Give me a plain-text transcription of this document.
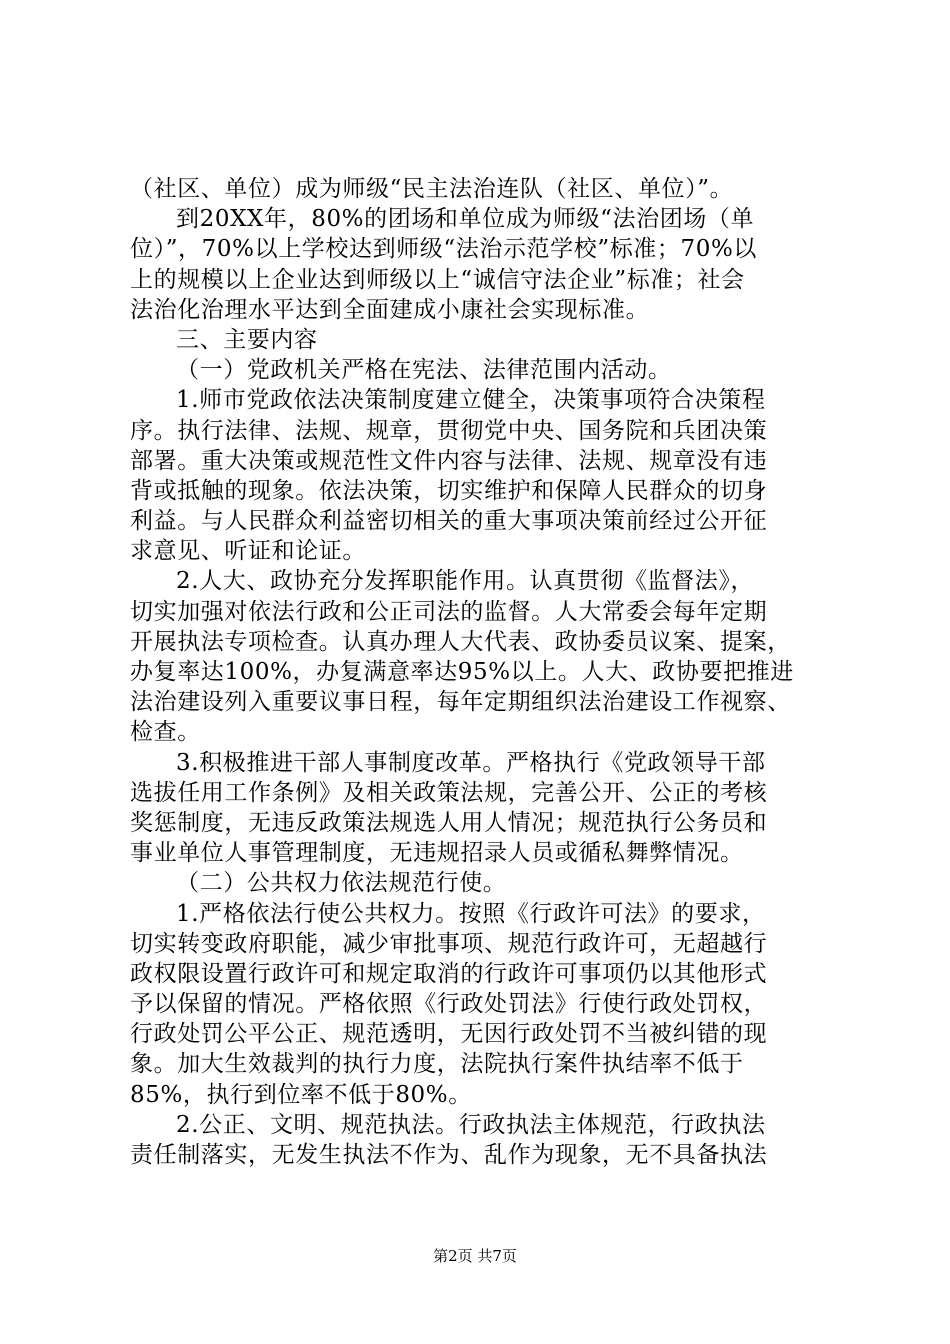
（社区、单位）成为师级“民主法治连队（社区、单位）”。
到20XX年，80%的团场和单位成为师级“法治团场（单
位）”，70%以上学校达到师级“法治示范学校”标准；70%以
上的规模以上企业达到师级以上“诚信守法企业”标准；社会
法治化治理水平达到全面建成小康社会实现标准。
三、主要内容
（一）党政机关严格在宪法、法律范围内活动。
1.师市党政依法决策制度建立健全，决策事项符合决策程
序。执行法律、法规、规章，贯彻党中央、国务院和兵团决策
部署。重大决策或规范性文件内容与法律、法规、规章没有违
背或抵触的现象。依法决策，切实维护和保障人民群众的切身
利益。与人民群众利益密切相关的重大事项决策前经过公开征
求意见、听证和论证。
2.人大、政协充分发挥职能作用。认真贯彻《监督法》，
切实加强对依法行政和公正司法的监督。人大常委会每年定期
开展执法专项检查。认真办理人大代表、政协委员议案、提案，
办复率达100%，办复满意率达95%以上。人大、政协要把推进
法治建设列入重要议事日程，每年定期组织法治建设工作视察、
检查。
3.积极推进干部人事制度改革。严格执行《党政领导干部
选拔任用工作条例》及相关政策法规，完善公开、公正的考核
奖惩制度，无违反政策法规选人用人情况；规范执行公务员和
事业单位人事管理制度，无违规招录人员或循私舞弊情况。
（二）公共权力依法规范行使。
1.严格依法行使公共权力。按照《行政许可法》的要求，
切实转变政府职能，减少审批事项、规范行政许可，无超越行
政权限设置行政许可和规定取消的行政许可事项仍以其他形式
予以保留的情况。严格依照《行政处罚法》行使行政处罚权，
行政处罚公平公正、规范透明，无因行政处罚不当被纠错的现
象。加大生效裁判的执行力度，法院执行案件执结率不低于
85%，执行到位率不低于80%。
2.公正、文明、规范执法。行政执法主体规范，行政执法
责任制落实，无发生执法不作为、乱作为现象，无不具备执法
第2页 共7页
